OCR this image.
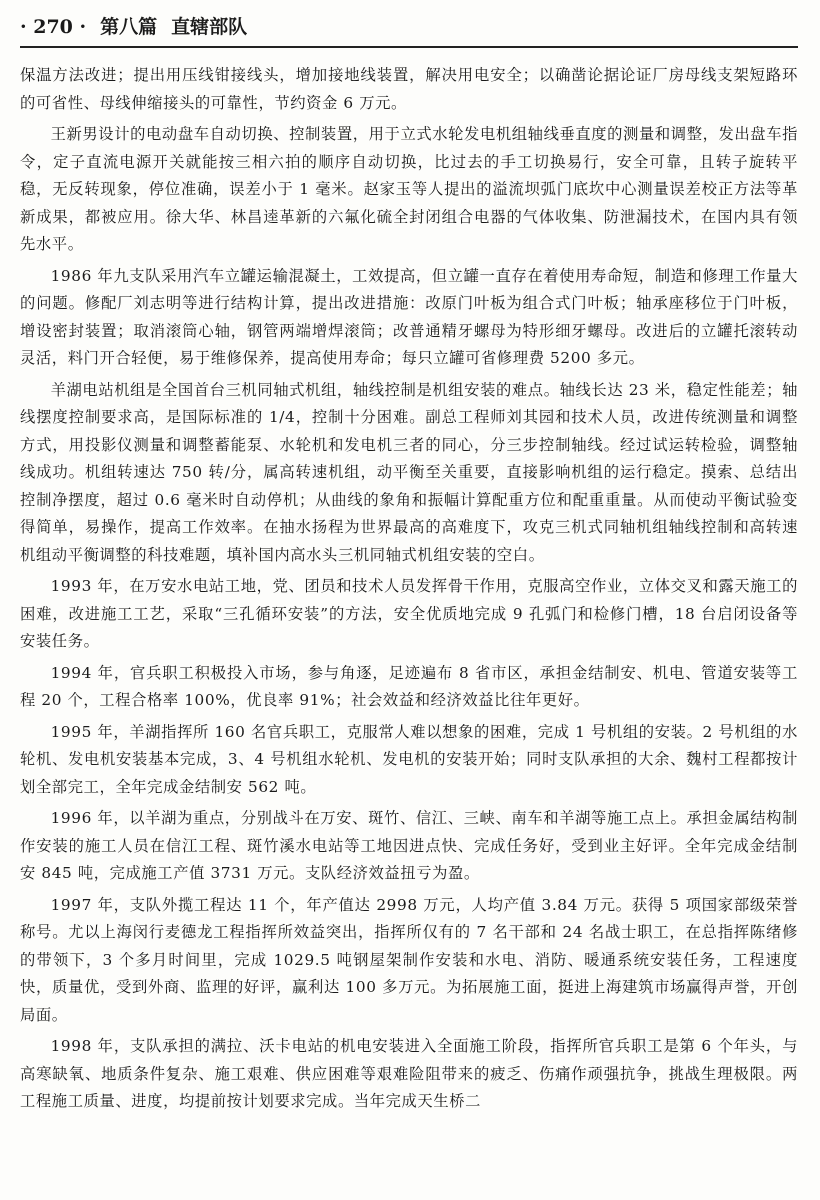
· 270 · 第八篇 直辖部队

保温方法改进；提出用压线钳接线头，增加接地线装置，解决用电安全；以确凿论据论证厂房母线支架短路环的可省性、母线伸缩接头的可靠性，节约资金 6 万元。

王新男设计的电动盘车自动切换、控制装置，用于立式水轮发电机组轴线垂直度的测量和调整，发出盘车指令，定子直流电源开关就能按三相六拍的顺序自动切换，比过去的手工切换易行，安全可靠，且转子旋转平稳，无反转现象，停位准确，误差小于 1 毫米。赵家玉等人提出的溢流坝弧门底坎中心测量误差校正方法等革新成果，都被应用。徐大华、林昌逵革新的六氟化硫全封闭组合电器的气体收集、防泄漏技术，在国内具有领先水平。

1986 年九支队采用汽车立罐运输混凝土，工效提高，但立罐一直存在着使用寿命短，制造和修理工作量大的问题。修配厂刘志明等进行结构计算，提出改进措施：改原门叶板为组合式门叶板；轴承座移位于门叶板，增设密封装置；取消滚筒心轴，钢管两端增焊滚筒；改普通精牙螺母为特形细牙螺母。改进后的立罐托滚转动灵活，料门开合轻便，易于维修保养，提高使用寿命；每只立罐可省修理费 5200 多元。

羊湖电站机组是全国首台三机同轴式机组，轴线控制是机组安装的难点。轴线长达 23 米，稳定性能差；轴线摆度控制要求高，是国际标准的 1/4，控制十分困难。副总工程师刘其园和技术人员，改进传统测量和调整方式，用投影仪测量和调整蓄能泵、水轮机和发电机三者的同心，分三步控制轴线。经过试运转检验，调整轴线成功。机组转速达 750 转/分，属高转速机组，动平衡至关重要，直接影响机组的运行稳定。摸索、总结出控制净摆度，超过 0.6 毫米时自动停机；从曲线的象角和振幅计算配重方位和配重重量。从而使动平衡试验变得简单，易操作，提高工作效率。在抽水扬程为世界最高的高难度下，攻克三机式同轴机组轴线控制和高转速机组动平衡调整的科技难题，填补国内高水头三机同轴式机组安装的空白。

1993 年，在万安水电站工地，党、团员和技术人员发挥骨干作用，克服高空作业，立体交叉和露天施工的困难，改进施工工艺，采取“三孔循环安装”的方法，安全优质地完成 9 孔弧门和检修门槽，18 台启闭设备等安装任务。

1994 年，官兵职工积极投入市场，参与角逐，足迹遍布 8 省市区，承担金结制安、机电、管道安装等工程 20 个，工程合格率 100%，优良率 91%；社会效益和经济效益比往年更好。

1995 年，羊湖指挥所 160 名官兵职工，克服常人难以想象的困难，完成 1 号机组的安装。2 号机组的水轮机、发电机安装基本完成，3、4 号机组水轮机、发电机的安装开始；同时支队承担的大余、魏村工程都按计划全部完工，全年完成金结制安 562 吨。

1996 年，以羊湖为重点，分别战斗在万安、斑竹、信江、三峡、南车和羊湖等施工点上。承担金属结构制作安装的施工人员在信江工程、斑竹溪水电站等工地因进点快、完成任务好，受到业主好评。全年完成金结制安 845 吨，完成施工产值 3731 万元。支队经济效益扭亏为盈。

1997 年，支队外揽工程达 11 个，年产值达 2998 万元，人均产值 3.84 万元。获得 5 项国家部级荣誉称号。尤以上海闵行麦德龙工程指挥所效益突出，指挥所仅有的 7 名干部和 24 名战士职工，在总指挥陈绪修的带领下，3 个多月时间里，完成 1029.5 吨钢屋架制作安装和水电、消防、暖通系统安装任务，工程速度快，质量优，受到外商、监理的好评，赢利达 100 多万元。为拓展施工面，挺进上海建筑市场赢得声誉，开创局面。

1998 年，支队承担的满拉、沃卡电站的机电安装进入全面施工阶段，指挥所官兵职工是第 6 个年头，与高寒缺氧、地质条件复杂、施工艰难、供应困难等艰难险阻带来的疲乏、伤痛作顽强抗争，挑战生理极限。两工程施工质量、进度，均提前按计划要求完成。当年完成天生桥二
